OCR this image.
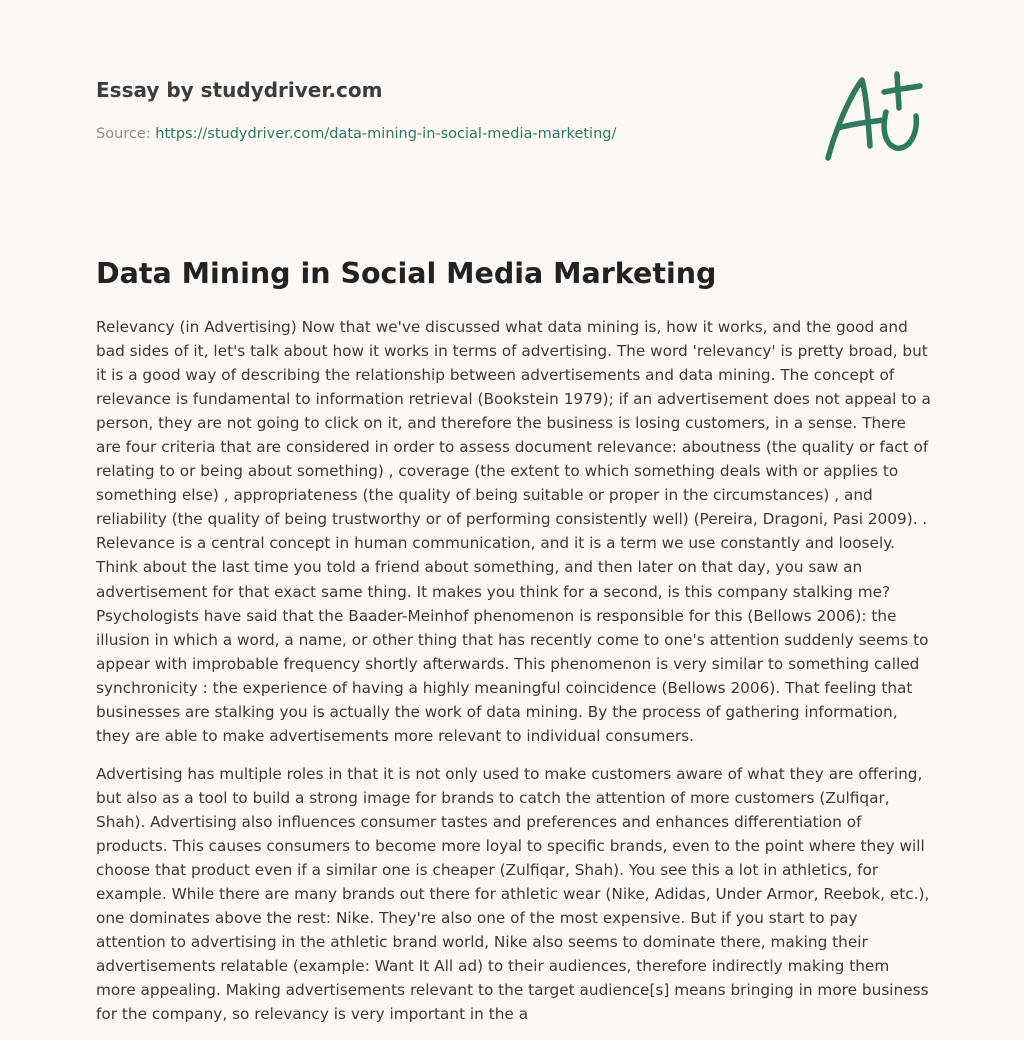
Essay by studydriver.com
Source: https://studydriver.com/data-mining-in-social-media-marketing/
Data Mining in Social Media Marketing

Relevancy (in Advertising) Now that we've discussed what data mining is, how it works, and the good and bad sides of it, let's talk about how it works in terms of advertising. The word 'relevancy' is pretty broad, but it is a good way of describing the relationship between advertisements and data mining. The concept of relevance is fundamental to information retrieval (Bookstein 1979); if an advertisement does not appeal to a person, they are not going to click on it, and therefore the business is losing customers, in a sense. There are four criteria that are considered in order to assess document relevance: aboutness (the quality or fact of relating to or being about something) , coverage (the extent to which something deals with or applies to something else) , appropriateness (the quality of being suitable or proper in the circumstances) , and reliability (the quality of being trustworthy or of performing consistently well) (Pereira, Dragoni, Pasi 2009). . Relevance is a central concept in human communication, and it is a term we use constantly and loosely. Think about the last time you told a friend about something, and then later on that day, you saw an advertisement for that exact same thing. It makes you think for a second, is this company stalking me? Psychologists have said that the Baader-Meinhof phenomenon is responsible for this (Bellows 2006): the illusion in which a word, a name, or other thing that has recently come to one's attention suddenly seems to appear with improbable frequency shortly afterwards. This phenomenon is very similar to something called synchronicity : the experience of having a highly meaningful coincidence (Bellows 2006). That feeling that businesses are stalking you is actually the work of data mining. By the process of gathering information, they are able to make advertisements more relevant to individual consumers.

Advertising has multiple roles in that it is not only used to make customers aware of what they are offering, but also as a tool to build a strong image for brands to catch the attention of more customers (Zulfiqar, Shah). Advertising also influences consumer tastes and preferences and enhances differentiation of products. This causes consumers to become more loyal to specific brands, even to the point where they will choose that product even if a similar one is cheaper (Zulfiqar, Shah). You see this a lot in athletics, for example. While there are many brands out there for athletic wear (Nike, Adidas, Under Armor, Reebok, etc.), one dominates above the rest: Nike. They're also one of the most expensive. But if you start to pay attention to advertising in the athletic brand world, Nike also seems to dominate there, making their advertisements relatable (example: Want It All ad) to their audiences, therefore indirectly making them more appealing. Making advertisements relevant to the target audience[s] means bringing in more business for the company, so relevancy is very important in the a
